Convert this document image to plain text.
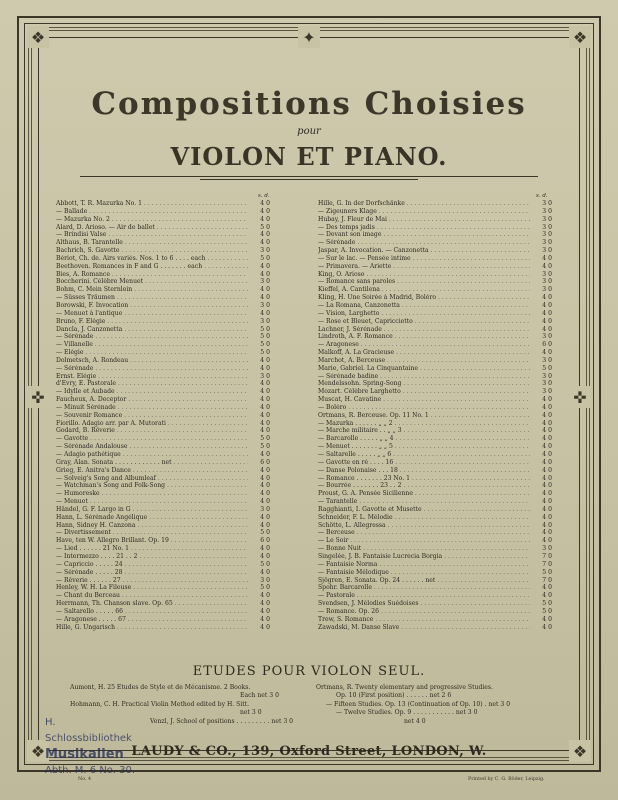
❖	❖
❖	❖
✜	✜
✦
Compositions Choisies
pour
VIOLON ET PIANO.
s. d.	s. d.
Abbott, T. R. Mazurka No. 1 . . .	4 0
— Ballade . . .	4 0
— Mazurka No. 2 . . .	4 0
Alard, D. Arioso. — Air de ballet . . .	5 0
— Brindisi Valse . . .	4 0
Althaus, B. Tarantelle . . .	4 0
Bachrich, S. Gavotte . . .	3 0
Bériot, Ch. de. Airs variés. Nos. 1 to 6 . . . . each . . .	5 0
Beethoven. Romances in F and G . . . . . . . each . . .	4 0
Bies, A. Romance . . .	4 0
Boccherini. Célèbre Menuet . . .	3 0
Bohm, C. Mein Sternlein . . .	4 0
— Süsses Träumen . . .	4 0
Borowski, F. Invocation . . .	3 0
— Menuet à l'antique . . .	4 0
Bruno, F. Elégie . . .	3 0
Dancla, J. Canzonetta . . .	5 0
— Sérénade . . .	5 0
— Villanelle . . .	5 0
— Elégie . . .	5 0
Dolmetsch, A. Rondeau . . .	4 0
— Sérénade . . .	4 0
Ernst. Elégie . . .	3 0
d'Evry, E. Pastorale . . .	4 0
— Idylle et Aubade . . .	4 0
Faucheux, A. Deceptor . . .	4 0
— Minuit Sérénade . . .	4 0
— Souvenir Romance . . .	4 0
Fiorillo. Adagio arr. par A. Mutorati . . .	4 0
Godard, B. Rêverie . . .	4 0
— Gavotte . . .	5 0
— Sérénade Andalouse . . .	5 0
— Adagio pathétique . . .	4 0
Gray, Alan. Sonata . . . . . . . . . . . . net . . .	6 0
Grieg, E. Anitra's Dance . . .	4 0
— Solveig's Song and Albumleaf . . .	4 0
— Watchman's Song and Folk-Song . . .	4 0
— Humoreske . . .	4 0
— Menuet . . .	4 0
Händel, G. F. Largo in G . . .	3 0
Hann, L. Sérénade Angélique . . .	4 0
Hann, Sidney H. Canzona . . .	4 0
— Divertissement . . .	5 0
Have, ten W. Allegro Brillant. Op. 19 . . .	6 0
— Lied . . . . . . 21 No. 1 . . .	4 0
— Intermezzo . . . . 21 . . 2 . . .	4 0
— Capriccio . . . . . 24 . . .	5 0
— Sérénade . . . . . 28 . . .	4 0
— Rêverie . . . . . . 27 . . .	3 0
Henley, W. H. La Fileuse . . .	5 0
— Chant du Berceau . . .	4 0
Herrmann, Th. Chanson slave. Op. 65 . . .	4 0
— Saltarello . . . . . 66 . . .	4 0
— Aragonese . . . . . 67 . . .	4 0
Hille, G. Ungarisch . . .	4 0
Hille, G. In der Dorfschänke . . .	3 0
— Zigeuners Klage . . .	3 0
Hubay, J. Fleur de Mai . . .	3 0
— Des temps jadis . . .	3 0
— Devant son image . . .	3 0
— Sérénade . . .	3 0
Jaspar, A. Invocation. — Canzonetta . . .	3 0
— Sur le lac. — Pensée intime . . .	4 0
— Primavera. — Ariette . . .	4 0
King, O. Arioso . . .	3 0
— Romance sans paroles . . .	3 0
Kieffel, A. Cantilena . . .	3 0
Kling, H. Une Soirée à Madrid, Boléro . . .	4 0
— La Romana, Canzonetta . . .	4 0
— Vision, Larghetto . . .	4 0
— Rose et Bleuet, Capriccietto . . .	4 0
Lachner, J. Sérénade . . .	4 0
Lindroth, A. F. Romance . . .	3 0
— Aragonese . . .	6 0
Malkoff, A. La Gracieuse . . .	4 0
Marchot, A. Berceuse . . .	3 0
Marie, Gabriel. La Cinquantaine . . .	5 0
— Sérénade badine . . .	3 0
Mendelssohn. Spring-Song . . .	3 0
Mozart. Célèbre Larghetto . . .	3 0
Muscat, H. Cavatine . . .	4 0
— Boléro . . .	4 0
Ortmans, R. Berceuse. Op. 11 No. 1 . . .	4 0
— Mazurka . . . . . . „ „ 2 . . .	4 0
— Marche militaire . . „ „ 3 . . .	4 0
— Barcarolle . . . . . „ „ 4 . . .	4 0
— Menuet . . . . . . . „ „ 5 . . .	4 0
— Saltarelle . . . . . „ „ 6 . . .	4 0
— Gavotte en ré . . . . 16 . . .	4 0
— Danse Polonaise . . . 18 . . .	4 0
— Romance . . . . . . . 23 No. 1 . . .	4 0
— Bourrée . . . . . . . 23 . . 2 . . .	4 0
Proust, G. A. Pensée Sicilienne . . .	4 0
— Tarantelle . . .	4 0
Ragghianti, I. Gavotte et Musette . . .	4 0
Schneider, F. L. Mélodie . . .	4 0
Schötte, L. Allegressa . . .	4 0
— Berceuse . . .	4 0
— Le Soir . . .	4 0
— Bonne Nuit . . .	3 0
Singelée, J. B. Fantaisie Lucrecia Borgia . . .	7 0
— Fantaisie Norma . . .	7 0
— Fantaisie Mélodique . . .	5 0
Sjögren, E. Sonata. Op. 24 . . . . . . net . . .	7 0
Spohr. Barcarolle . . .	4 0
— Pastorale . . .	4 0
Svendsen, J. Mélodies Suédoises . . .	5 0
— Romance. Op. 26 . . .	5 0
Trew, S. Romance . . .	4 0
Zawadski, M. Danse Slave . . .	4 0
ETUDES POUR VIOLON SEUL.
Aumont, H. 25 Etudes de Style et de Mécanisme. 2 Books.
Each net 3 0
Hohmann, C. H. Practical Violin Method edited by H. Sitt.
net 3 0
Venzl, J. School of positions . . . . . . . . . net 3 0
Ortmans, R. Twenty elementary and progressive Studies.
Op. 10 (First position) . . . . . . net 2 6
— Fifteen Studies. Op. 13 (Continuation of Op. 10) . net 3 0
— Twelve Studies. Op. 9 . . . . . . . . . . . net 3 0
net 4 0
LAUDY & CO., 139, Oxford Street, LONDON, W.
H. Schlossbibliothek
Musikalien
Abth. M. 6 No. 30.
No. 4	Printed by C. G. Röder, Leipzig.
